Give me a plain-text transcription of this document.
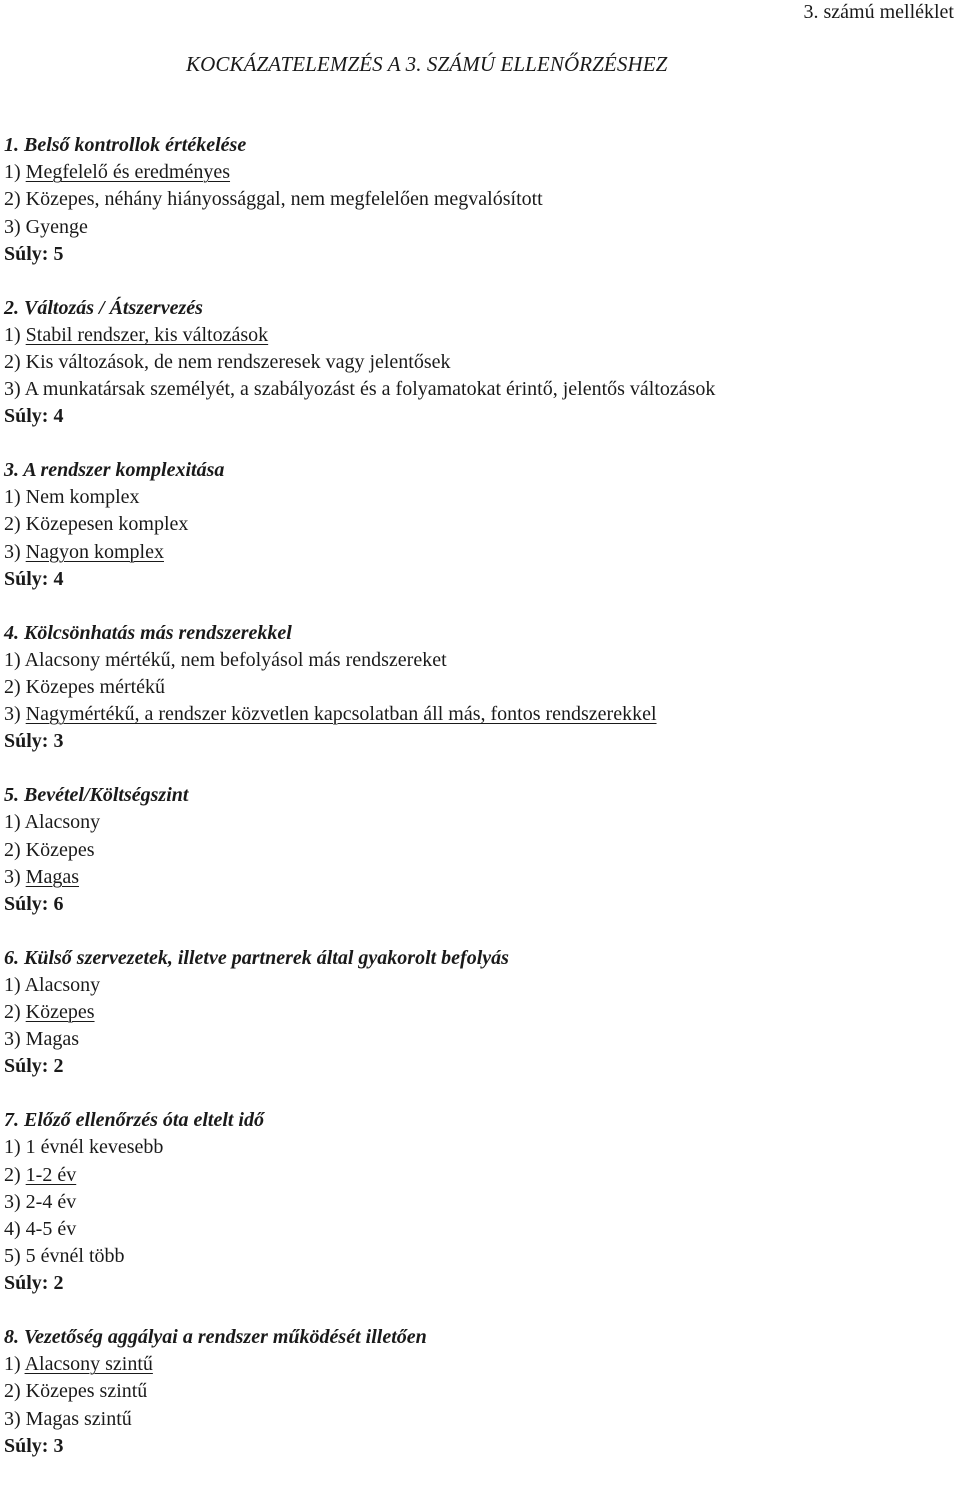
3. számú melléklet

KOCKÁZATELEMZÉS A 3. SZÁMÚ ELLENŐRZÉSHEZ
1. Belső kontrollok értékelése
1) Megfelelő és eredményes
2) Közepes, néhány hiányossággal, nem megfelelően megvalósított
3) Gyenge
Súly: 5
2. Változás / Átszervezés
1) Stabil rendszer, kis változások
2) Kis változások, de nem rendszeresek vagy jelentősek
3) A munkatársak személyét, a szabályozást és a folyamatokat érintő, jelentős változások
Súly: 4
3. A rendszer komplexitása
1) Nem komplex
2) Közepesen komplex
3) Nagyon komplex
Súly: 4
4. Kölcsönhatás más rendszerekkel
1) Alacsony mértékű, nem befolyásol más rendszereket
2) Közepes mértékű
3) Nagymértékű, a rendszer közvetlen kapcsolatban áll más, fontos rendszerekkel
Súly: 3
5. Bevétel/Költségszint
1) Alacsony
2) Közepes
3) Magas
Súly: 6
6. Külső szervezetek, illetve partnerek által gyakorolt befolyás
1) Alacsony
2) Közepes
3) Magas
Súly: 2
7. Előző ellenőrzés óta eltelt idő
1) 1 évnél kevesebb
2) 1-2 év
3) 2-4 év
4) 4-5 év
5) 5 évnél több
Súly: 2
8. Vezetőség aggályai a rendszer működését illetően
1) Alacsony szintű
2) Közepes szintű
3) Magas szintű
Súly: 3
